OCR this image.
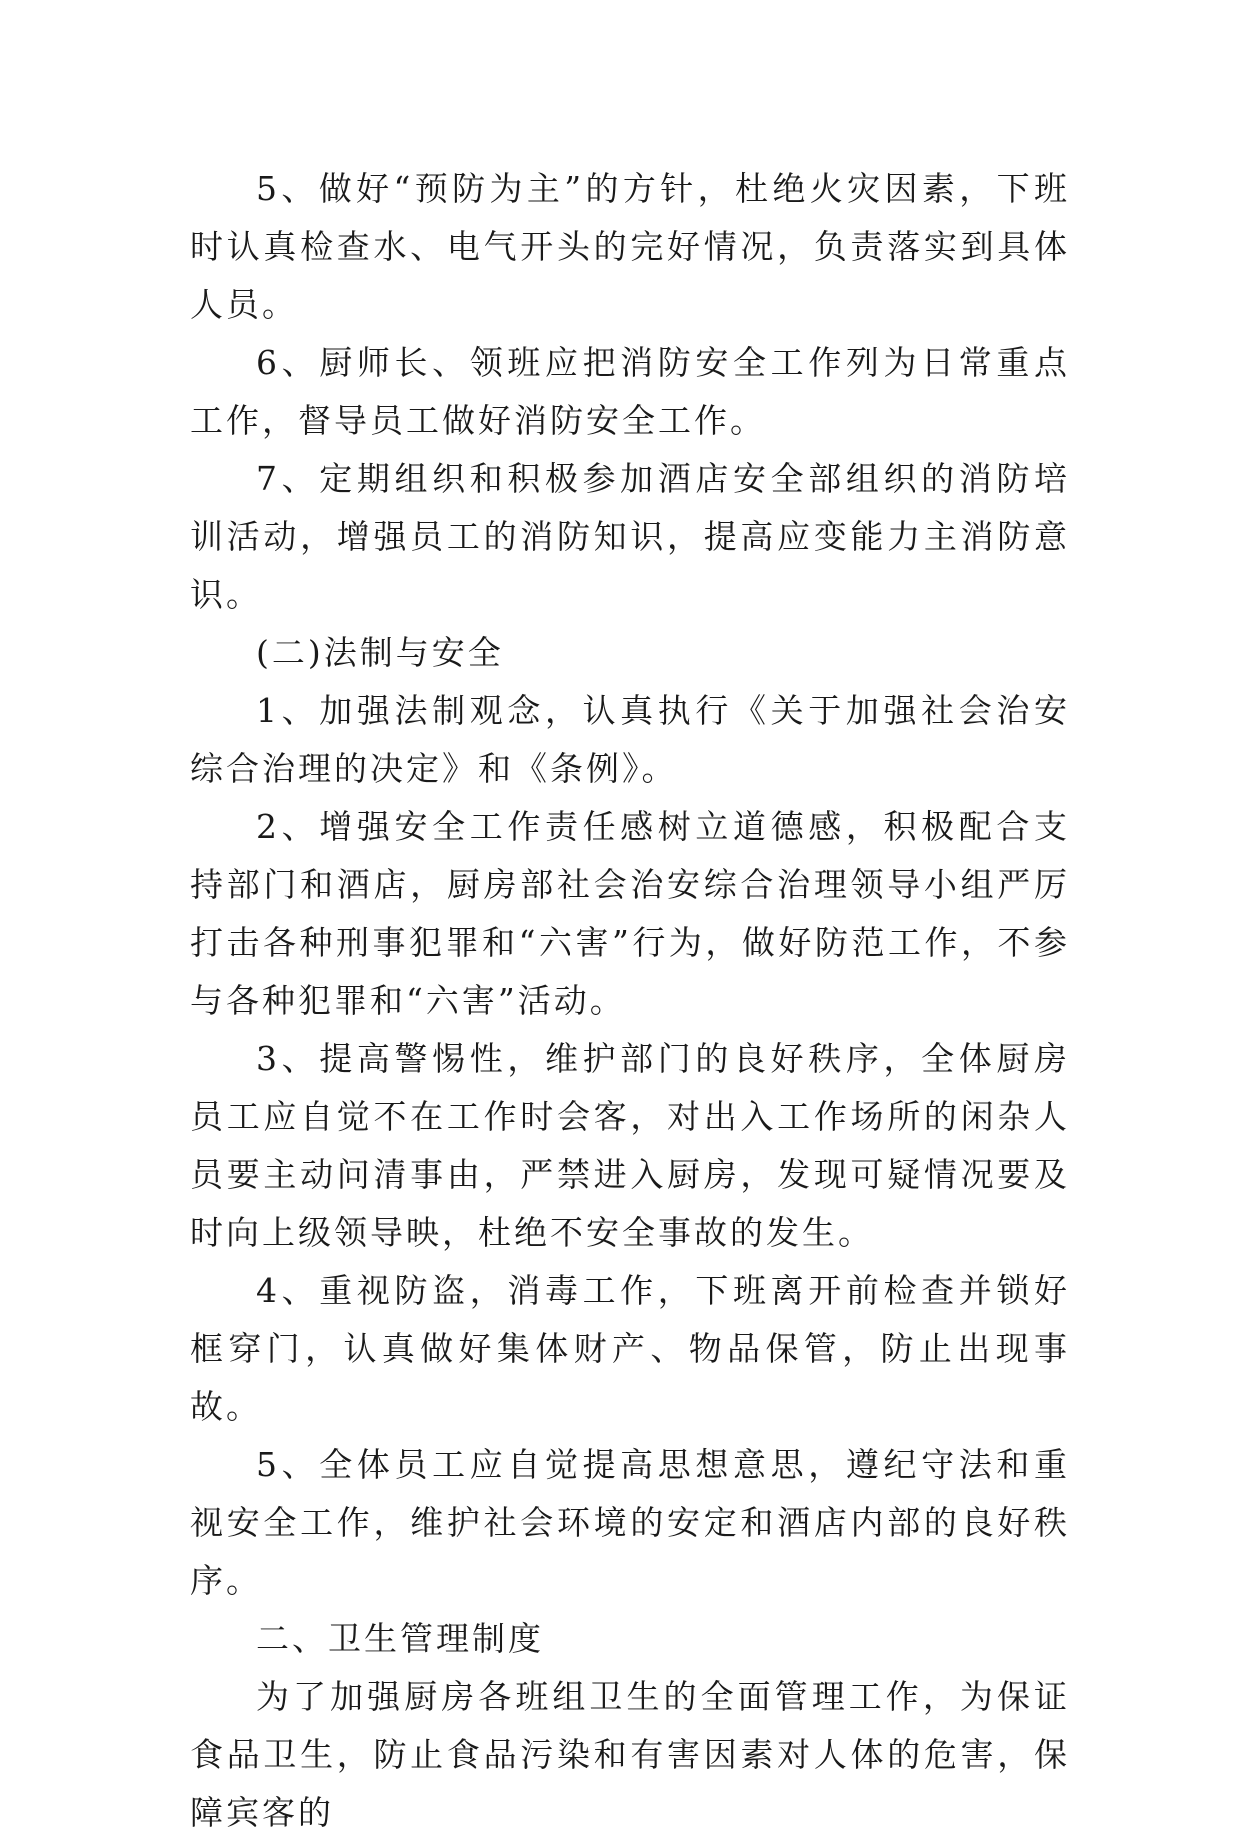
5、做好“预防为主”的方针，杜绝火灾因素，下班时认真检查水、电气开头的完好情况，负责落实到具体人员。

6、厨师长、领班应把消防安全工作列为日常重点工作，督导员工做好消防安全工作。

7、定期组织和积极参加酒店安全部组织的消防培训活动，增强员工的消防知识，提高应变能力主消防意识。

(二)法制与安全

1、加强法制观念，认真执行《关于加强社会治安综合治理的决定》和《条例》。

2、增强安全工作责任感树立道德感，积极配合支持部门和酒店，厨房部社会治安综合治理领导小组严厉打击各种刑事犯罪和“六害”行为，做好防范工作，不参与各种犯罪和“六害”活动。

3、提高警惕性，维护部门的良好秩序，全体厨房员工应自觉不在工作时会客，对出入工作场所的闲杂人员要主动问清事由，严禁进入厨房，发现可疑情况要及时向上级领导映，杜绝不安全事故的发生。

4、重视防盗，消毒工作，下班离开前检查并锁好框穿门，认真做好集体财产、物品保管，防止出现事故。

5、全体员工应自觉提高思想意思，遵纪守法和重视安全工作，维护社会环境的安定和酒店内部的良好秩序。

二、卫生管理制度

为了加强厨房各班组卫生的全面管理工作，为保证食品卫生，防止食品污染和有害因素对人体的危害，保障宾客的
